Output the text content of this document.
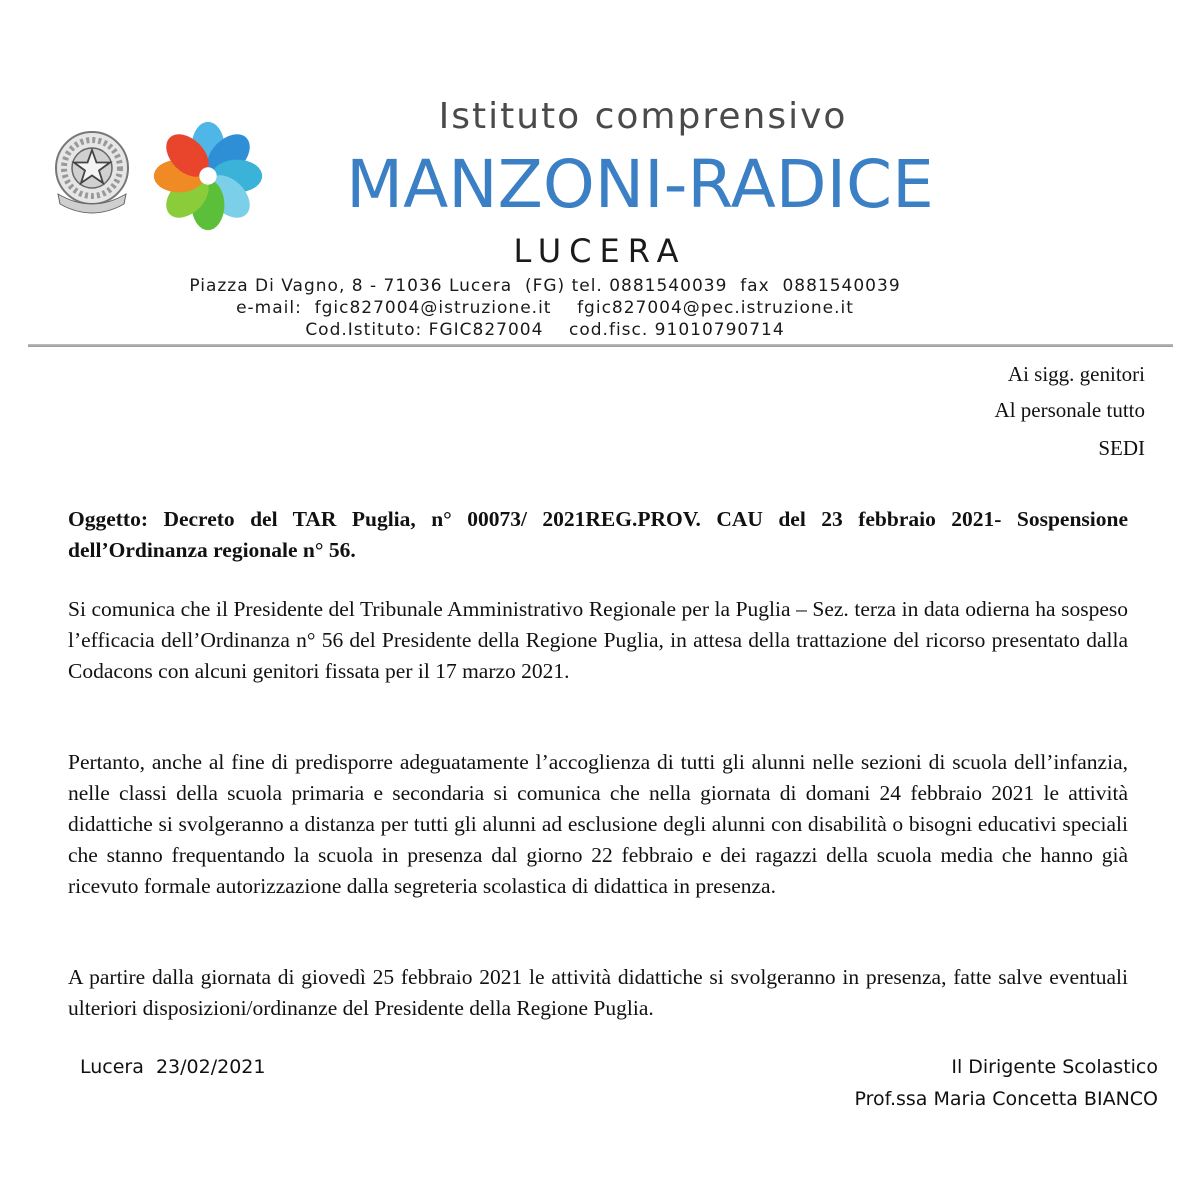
Istituto comprensivo
MANZONI-RADICE
LUCERA
Piazza Di Vagno, 8 - 71036 Lucera  (FG) tel. 0881540039  fax  0881540039
e-mail:  fgic827004@istruzione.it    fgic827004@pec.istruzione.it
Cod.Istituto: FGIC827004    cod.fisc. 91010790714
Ai sigg. genitori
Al personale tutto
SEDI
Oggetto: Decreto del TAR Puglia, n° 00073/ 2021REG.PROV. CAU del 23 febbraio 2021- Sospensione dell’Ordinanza regionale n° 56.
Si comunica che il Presidente del Tribunale Amministrativo Regionale per la Puglia – Sez. terza in data odierna ha sospeso l’efficacia dell’Ordinanza n° 56 del Presidente della Regione Puglia, in attesa della trattazione del ricorso presentato dalla Codacons con alcuni genitori fissata per il 17 marzo 2021.
Pertanto, anche al fine di predisporre adeguatamente l’accoglienza di tutti gli alunni nelle sezioni di scuola dell’infanzia, nelle classi della scuola primaria e secondaria si comunica che nella giornata di domani 24 febbraio 2021 le attività didattiche si svolgeranno a distanza per tutti gli alunni ad esclusione degli alunni con disabilità o bisogni educativi speciali che stanno frequentando la scuola in presenza dal giorno 22 febbraio e dei ragazzi della scuola media che hanno già ricevuto formale autorizzazione dalla segreteria scolastica di didattica in presenza.
A partire dalla giornata di giovedì 25 febbraio 2021 le attività didattiche si svolgeranno in presenza, fatte salve eventuali ulteriori disposizioni/ordinanze del Presidente della Regione Puglia.
Lucera  23/02/2021	Il Dirigente Scolastico
Prof.ssa Maria Concetta BIANCO
